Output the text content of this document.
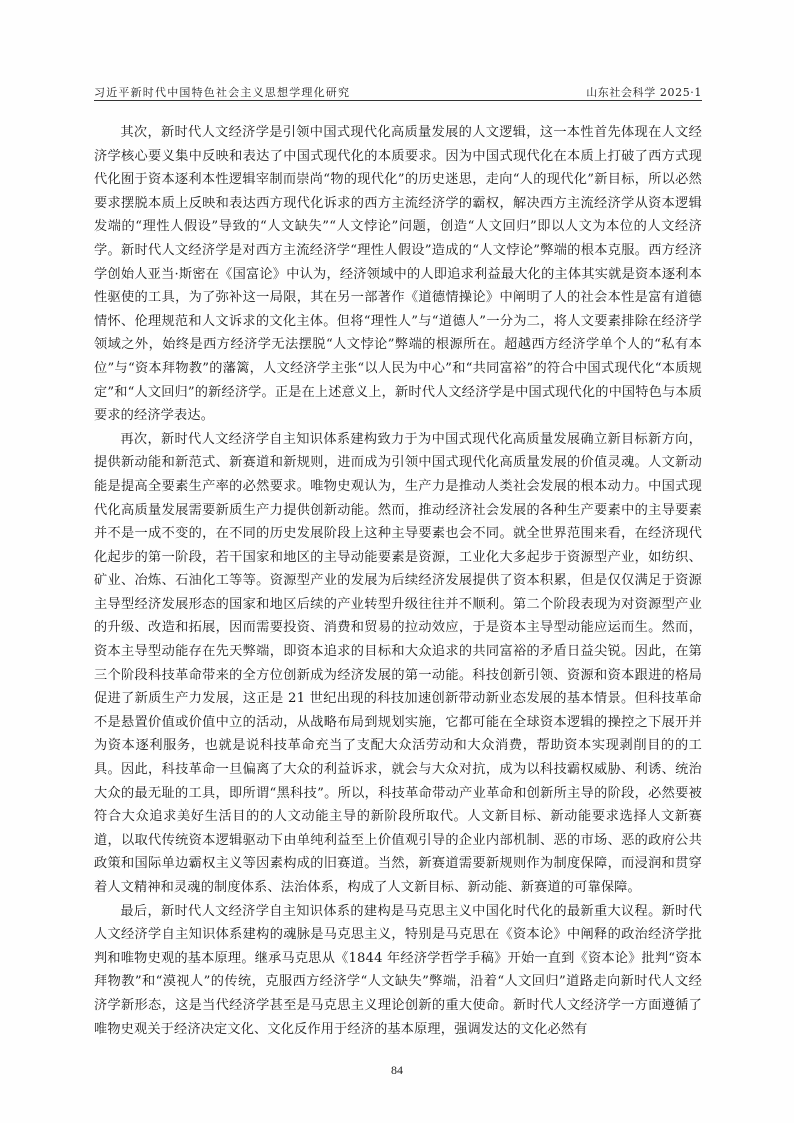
习近平新时代中国特色社会主义思想学理化研究	山东社会科学 2025·1

其次，新时代人文经济学是引领中国式现代化高质量发展的人文逻辑，这一本性首先体现在人文经济学核心要义集中反映和表达了中国式现代化的本质要求。因为中国式现代化在本质上打破了西方式现代化囿于资本逐利本性逻辑宰制而崇尚“物的现代化”的历史迷思，走向“人的现代化”新目标，所以必然要求摆脱本质上反映和表达西方现代化诉求的西方主流经济学的霸权，解决西方主流经济学从资本逻辑发端的“理性人假设”导致的“人文缺失”“人文悖论”问题，创造“人文回归”即以人文为本位的人文经济学。新时代人文经济学是对西方主流经济学“理性人假设”造成的“人文悖论”弊端的根本克服。西方经济学创始人亚当·斯密在《国富论》中认为，经济领域中的人即追求利益最大化的主体其实就是资本逐利本性驱使的工具，为了弥补这一局限，其在另一部著作《道德情操论》中阐明了人的社会本性是富有道德情怀、伦理规范和人文诉求的文化主体。但将“理性人”与“道德人”一分为二，将人文要素排除在经济学领域之外，始终是西方经济学无法摆脱“人文悖论”弊端的根源所在。超越西方经济学单个人的“私有本位”与“资本拜物教”的藩篱，人文经济学主张“以人民为中心”和“共同富裕”的符合中国式现代化“本质规定”和“人文回归”的新经济学。正是在上述意义上，新时代人文经济学是中国式现代化的中国特色与本质要求的经济学表达。

再次，新时代人文经济学自主知识体系建构致力于为中国式现代化高质量发展确立新目标新方向，提供新动能和新范式、新赛道和新规则，进而成为引领中国式现代化高质量发展的价值灵魂。人文新动能是提高全要素生产率的必然要求。唯物史观认为，生产力是推动人类社会发展的根本动力。中国式现代化高质量发展需要新质生产力提供创新动能。然而，推动经济社会发展的各种生产要素中的主导要素并不是一成不变的，在不同的历史发展阶段上这种主导要素也会不同。就全世界范围来看，在经济现代化起步的第一阶段，若干国家和地区的主导动能要素是资源，工业化大多起步于资源型产业，如纺织、矿业、冶炼、石油化工等等。资源型产业的发展为后续经济发展提供了资本积累，但是仅仅满足于资源主导型经济发展形态的国家和地区后续的产业转型升级往往并不顺利。第二个阶段表现为对资源型产业的升级、改造和拓展，因而需要投资、消费和贸易的拉动效应，于是资本主导型动能应运而生。然而，资本主导型动能存在先天弊端，即资本追求的目标和大众追求的共同富裕的矛盾日益尖锐。因此，在第三个阶段科技革命带来的全方位创新成为经济发展的第一动能。科技创新引领、资源和资本跟进的格局促进了新质生产力发展，这正是 21 世纪出现的科技加速创新带动新业态发展的基本情景。但科技革命不是悬置价值或价值中立的活动，从战略布局到规划实施，它都可能在全球资本逻辑的操控之下展开并为资本逐利服务，也就是说科技革命充当了支配大众活劳动和大众消费，帮助资本实现剥削目的的工具。因此，科技革命一旦偏离了大众的利益诉求，就会与大众对抗，成为以科技霸权威胁、利诱、统治大众的最无耻的工具，即所谓“黑科技”。所以，科技革命带动产业革命和创新所主导的阶段，必然要被符合大众追求美好生活目的的人文动能主导的新阶段所取代。人文新目标、新动能要求选择人文新赛道，以取代传统资本逻辑驱动下由单纯利益至上价值观引导的企业内部机制、恶的市场、恶的政府公共政策和国际单边霸权主义等因素构成的旧赛道。当然，新赛道需要新规则作为制度保障，而浸润和贯穿着人文精神和灵魂的制度体系、法治体系，构成了人文新目标、新动能、新赛道的可靠保障。

最后，新时代人文经济学自主知识体系的建构是马克思主义中国化时代化的最新重大议程。新时代人文经济学自主知识体系建构的魂脉是马克思主义，特别是马克思在《资本论》中阐释的政治经济学批判和唯物史观的基本原理。继承马克思从《1844 年经济学哲学手稿》开始一直到《资本论》批判“资本拜物教”和“漠视人”的传统，克服西方经济学“人文缺失”弊端，沿着“人文回归”道路走向新时代人文经济学新形态，这是当代经济学甚至是马克思主义理论创新的重大使命。新时代人文经济学一方面遵循了唯物史观关于经济决定文化、文化反作用于经济的基本原理，强调发达的文化必然有

84
